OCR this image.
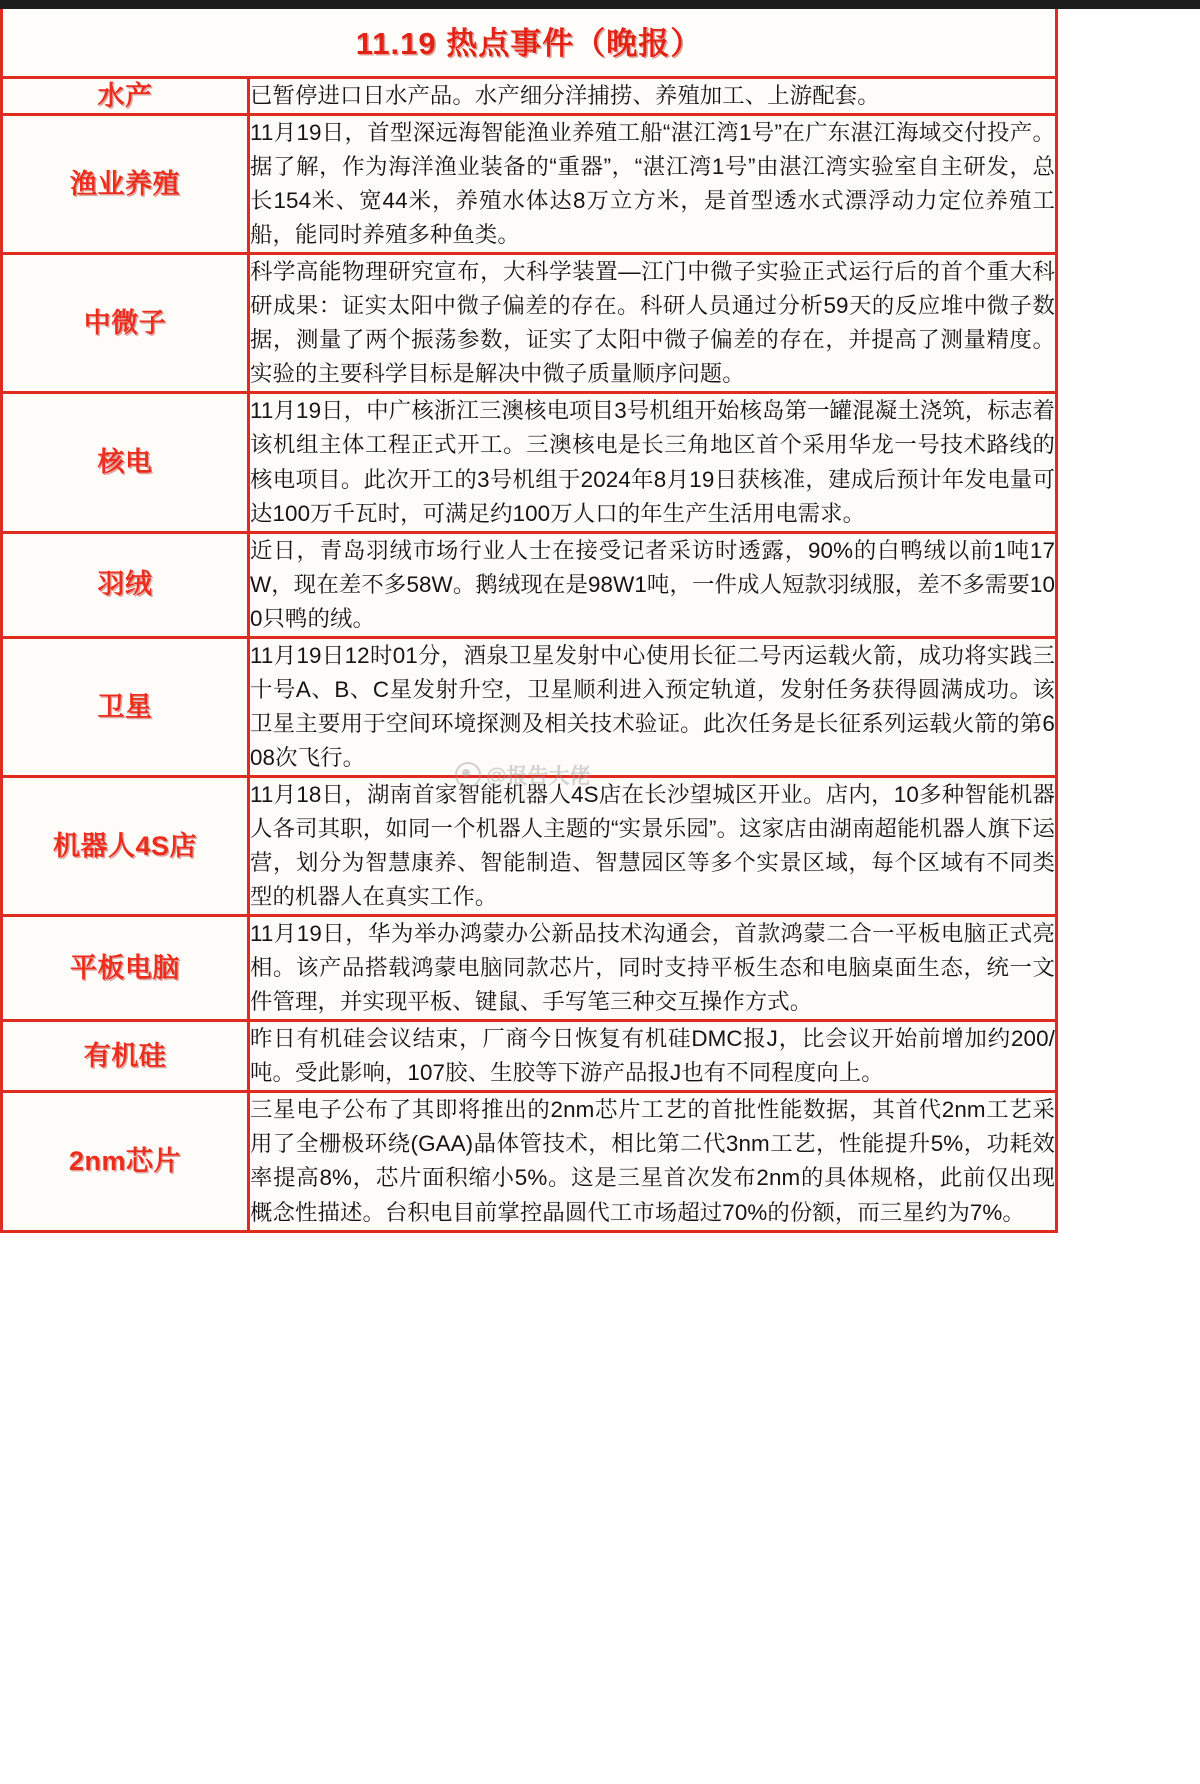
11.19 热点事件（晚报）
水产	已暂停进口日水产品。水产细分洋捕捞、养殖加工、上游配套。

渔业养殖	11月19日，首型深远海智能渔业养殖工船“湛江湾1号”在广东湛江海域交付投产。据了解，作为海洋渔业装备的“重器”，“湛江湾1号”由湛江湾实验室自主研发，总长154米、宽44米，养殖水体达8万立方米，是首型透水式漂浮动力定位养殖工船，能同时养殖多种鱼类。

中微子	科学高能物理研究宣布，大科学装置—江门中微子实验正式运行后的首个重大科研成果：证实太阳中微子偏差的存在。科研人员通过分析59天的反应堆中微子数据，测量了两个振荡参数，证实了太阳中微子偏差的存在，并提高了测量精度。实验的主要科学目标是解决中微子质量顺序问题。

核电	11月19日，中广核浙江三澳核电项目3号机组开始核岛第一罐混凝土浇筑，标志着该机组主体工程正式开工。三澳核电是长三角地区首个采用华龙一号技术路线的核电项目。此次开工的3号机组于2024年8月19日获核准，建成后预计年发电量可达100万千瓦时，可满足约100万人口的年生产生活用电需求。

羽绒	近日，青岛羽绒市场行业人士在接受记者采访时透露，90%的白鸭绒以前1吨17W，现在差不多58W。鹅绒现在是98W1吨，一件成人短款羽绒服，差不多需要100只鸭的绒。

卫星	11月19日12时01分，酒泉卫星发射中心使用长征二号丙运载火箭，成功将实践三十号A、B、C星发射升空，卫星顺利进入预定轨道，发射任务获得圆满成功。该卫星主要用于空间环境探测及相关技术验证。此次任务是长征系列运载火箭的第608次飞行。

机器人4S店	11月18日，湖南首家智能机器人4S店在长沙望城区开业。店内，10多种智能机器人各司其职，如同一个机器人主题的“实景乐园”。这家店由湖南超能机器人旗下运营，划分为智慧康养、智能制造、智慧园区等多个实景区域，每个区域有不同类型的机器人在真实工作。

平板电脑	11月19日，华为举办鸿蒙办公新品技术沟通会，首款鸿蒙二合一平板电脑正式亮相。该产品搭载鸿蒙电脑同款芯片，同时支持平板生态和电脑桌面生态，统一文件管理，并实现平板、键鼠、手写笔三种交互操作方式。

有机硅	昨日有机硅会议结束，厂商今日恢复有机硅DMC报J，比会议开始前增加约200/吨。受此影响，107胶、生胶等下游产品报J也有不同程度向上。

2nm芯片	三星电子公布了其即将推出的2nm芯片工艺的首批性能数据，其首代2nm工艺采用了全栅极环绕(GAA)晶体管技术，相比第二代3nm工艺，性能提升5%，功耗效率提高8%，芯片面积缩小5%。这是三星首次发布2nm的具体规格，此前仅出现概念性描述。台积电目前掌控晶圆代工市场超过70%的份额，而三星约为7%。
@报告大佬
